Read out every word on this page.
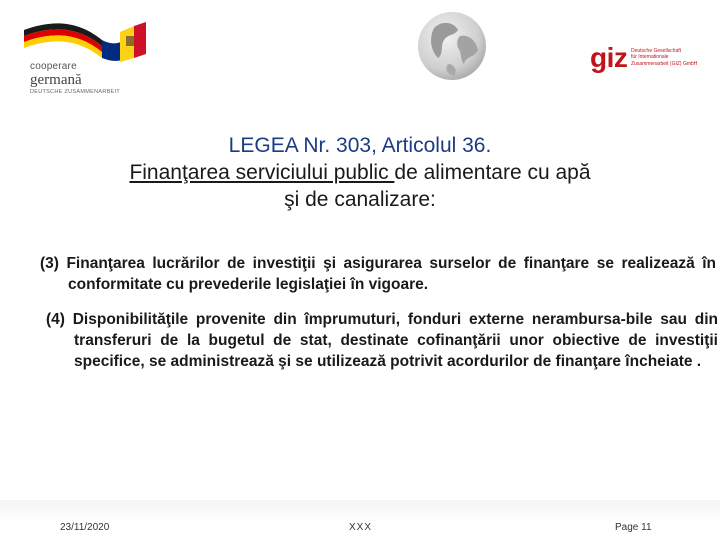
cooperare
germană
DEUTSCHE ZUSAMMENARBEIT
giz Deutsche Gesellschaft
für Internationale
Zusammenarbeit (GIZ) GmbH
LEGEA Nr. 303, Articolul 36.
Finanţarea serviciului public de alimentare cu apă
şi de canalizare:
(3) Finanţarea lucrărilor de investiţii şi asigurarea surselor de finanţare se realizează în conformitate cu prevederile legislaţiei în vigoare.
(4) Disponibilităţile provenite din împrumuturi, fonduri externe nerambursa-bile sau din transferuri de la bugetul de stat, destinate cofinanţării unor obiective de investiţii specifice, se administrează şi se utilizează potrivit acordurilor de finanţare încheiate .
23/11/2020	XXX	Page 11
